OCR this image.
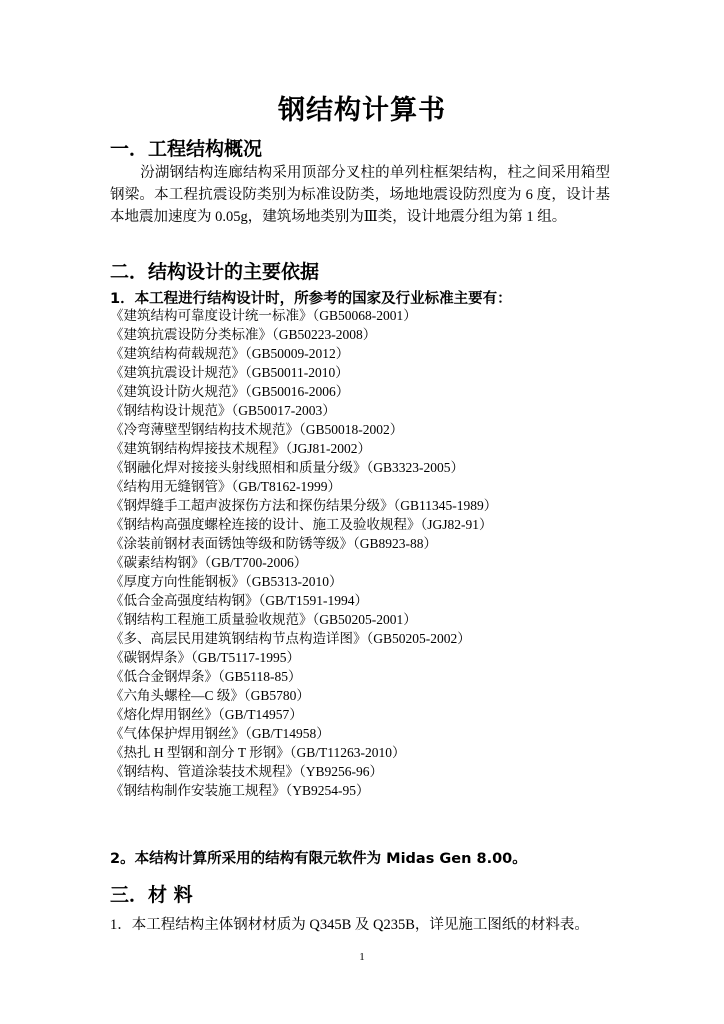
钢结构计算书
一．工程结构概况
汾湖钢结构连廊结构采用顶部分叉柱的单列柱框架结构，柱之间采用箱型钢梁。本工程抗震设防类别为标准设防类，场地地震设防烈度为 6 度，设计基本地震加速度为 0.05g，建筑场地类别为Ⅲ类，设计地震分组为第 1 组。
二．结构设计的主要依据
1．本工程进行结构设计时，所参考的国家及行业标准主要有：
《建筑结构可靠度设计统一标准》（GB50068-2001）
《建筑抗震设防分类标准》（GB50223-2008）
《建筑结构荷载规范》（GB50009-2012）
《建筑抗震设计规范》（GB50011-2010）
《建筑设计防火规范》（GB50016-2006）
《钢结构设计规范》（GB50017-2003）
《冷弯薄壁型钢结构技术规范》（GB50018-2002）
《建筑钢结构焊接技术规程》（JGJ81-2002）
《钢融化焊对接接头射线照相和质量分级》（GB3323-2005）
《结构用无缝钢管》（GB/T8162-1999）
《钢焊缝手工超声波探伤方法和探伤结果分级》（GB11345-1989）
《钢结构高强度螺栓连接的设计、施工及验收规程》（JGJ82-91）
《涂装前钢材表面锈蚀等级和防锈等级》（GB8923-88）
《碳素结构钢》（GB/T700-2006）
《厚度方向性能钢板》（GB5313-2010）
《低合金高强度结构钢》（GB/T1591-1994）
《钢结构工程施工质量验收规范》（GB50205-2001）
《多、高层民用建筑钢结构节点构造详图》（GB50205-2002）
《碳钢焊条》（GB/T5117-1995）
《低合金钢焊条》（GB5118-85）
《六角头螺栓—C 级》（GB5780）
《熔化焊用钢丝》（GB/T14957）
《气体保护焊用钢丝》（GB/T14958）
《热扎 H 型钢和剖分 T 形钢》（GB/T11263-2010）
《钢结构、管道涂装技术规程》（YB9256-96）
《钢结构制作安装施工规程》（YB9254-95）
2。本结构计算所采用的结构有限元软件为 Midas Gen 8.00。
三．材 料
1．本工程结构主体钢材材质为 Q345B 及 Q235B，详见施工图纸的材料表。
1
